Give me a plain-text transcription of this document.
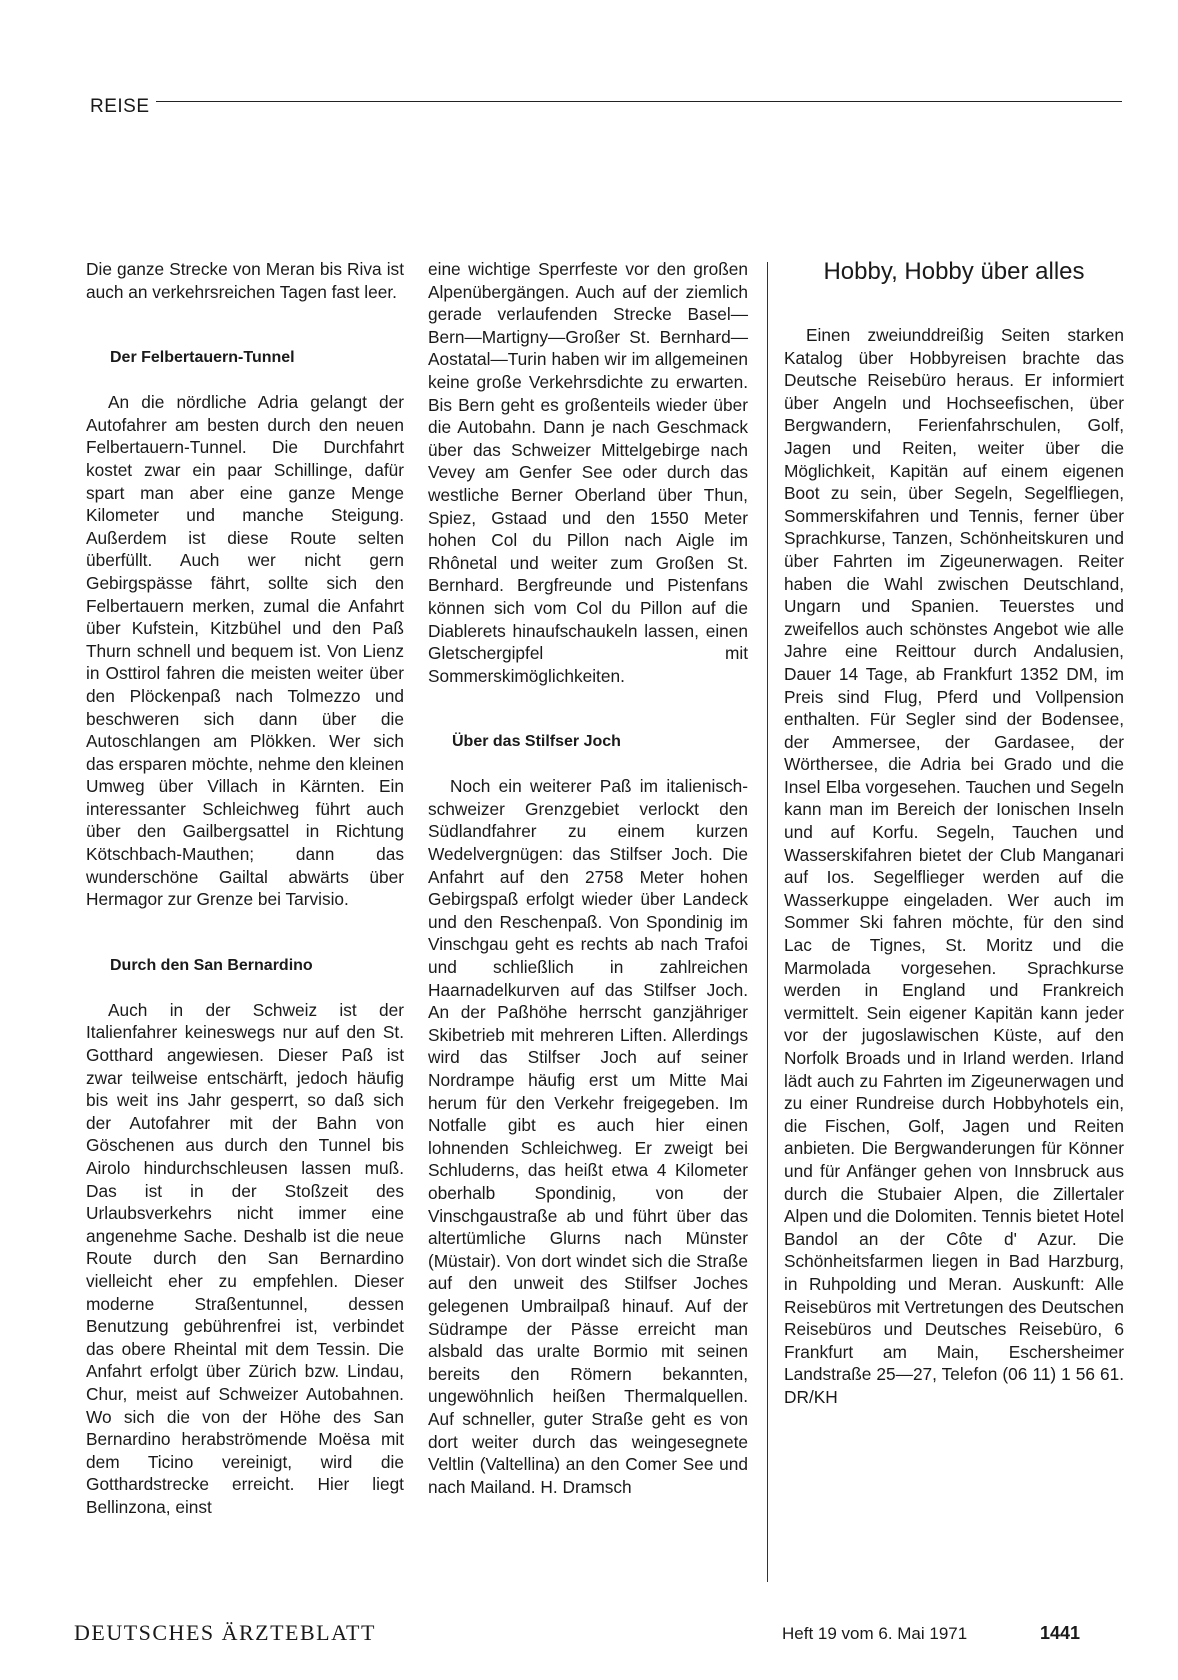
REISE

Die ganze Strecke von Meran bis Riva ist auch an verkehrsreichen Tagen fast leer.

Der Felbertauern-Tunnel

An die nördliche Adria gelangt der Autofahrer am besten durch den neuen Felbertauern-Tunnel. Die Durchfahrt kostet zwar ein paar Schillinge, dafür spart man aber eine ganze Menge Kilometer und manche Steigung. Außerdem ist diese Route selten überfüllt. Auch wer nicht gern Gebirgspässe fährt, sollte sich den Felbertauern merken, zumal die Anfahrt über Kufstein, Kitzbühel und den Paß Thurn schnell und bequem ist. Von Lienz in Osttirol fahren die meisten weiter über den Plöckenpaß nach Tolmezzo und beschweren sich dann über die Autoschlangen am Plökken. Wer sich das ersparen möchte, nehme den kleinen Umweg über Villach in Kärnten. Ein interessanter Schleichweg führt auch über den Gailbergsattel in Richtung Kötschbach-Mauthen; dann das wunderschöne Gailtal abwärts über Hermagor zur Grenze bei Tarvisio.

Durch den San Bernardino

Auch in der Schweiz ist der Italienfahrer keineswegs nur auf den St. Gotthard angewiesen. Dieser Paß ist zwar teilweise entschärft, jedoch häufig bis weit ins Jahr gesperrt, so daß sich der Autofahrer mit der Bahn von Göschenen aus durch den Tunnel bis Airolo hindurchschleusen lassen muß. Das ist in der Stoßzeit des Urlaubsverkehrs nicht immer eine angenehme Sache. Deshalb ist die neue Route durch den San Bernardino vielleicht eher zu empfehlen. Dieser moderne Straßentunnel, dessen Benutzung gebührenfrei ist, verbindet das obere Rheintal mit dem Tessin. Die Anfahrt erfolgt über Zürich bzw. Lindau, Chur, meist auf Schweizer Autobahnen. Wo sich die von der Höhe des San Bernardino herabströmende Moësa mit dem Ticino vereinigt, wird die Gotthardstrecke erreicht. Hier liegt Bellinzona, einst

eine wichtige Sperrfeste vor den großen Alpenübergängen. Auch auf der ziemlich gerade verlaufenden Strecke Basel—Bern—Martigny—Großer St. Bernhard—Aostatal—Turin haben wir im allgemeinen keine große Verkehrsdichte zu erwarten. Bis Bern geht es großenteils wieder über die Autobahn. Dann je nach Geschmack über das Schweizer Mittelgebirge nach Vevey am Genfer See oder durch das westliche Berner Oberland über Thun, Spiez, Gstaad und den 1550 Meter hohen Col du Pillon nach Aigle im Rhônetal und weiter zum Großen St. Bernhard. Bergfreunde und Pistenfans können sich vom Col du Pillon auf die Diablerets hinaufschaukeln lassen, einen Gletschergipfel mit Sommerskimöglichkeiten.

Über das Stilfser Joch

Noch ein weiterer Paß im italienisch-schweizer Grenzgebiet verlockt den Südlandfahrer zu einem kurzen Wedelvergnügen: das Stilfser Joch. Die Anfahrt auf den 2758 Meter hohen Gebirgspaß erfolgt wieder über Landeck und den Reschenpaß. Von Spondinig im Vinschgau geht es rechts ab nach Trafoi und schließlich in zahlreichen Haarnadelkurven auf das Stilfser Joch. An der Paßhöhe herrscht ganzjähriger Skibetrieb mit mehreren Liften. Allerdings wird das Stilfser Joch auf seiner Nordrampe häufig erst um Mitte Mai herum für den Verkehr freigegeben. Im Notfalle gibt es auch hier einen lohnenden Schleichweg. Er zweigt bei Schluderns, das heißt etwa 4 Kilometer oberhalb Spondinig, von der Vinschgaustraße ab und führt über das altertümliche Glurns nach Münster (Müstair). Von dort windet sich die Straße auf den unweit des Stilfser Joches gelegenen Umbrailpaß hinauf. Auf der Südrampe der Pässe erreicht man alsbald das uralte Bormio mit seinen bereits den Römern bekannten, ungewöhnlich heißen Thermalquellen. Auf schneller, guter Straße geht es von dort weiter durch das weingesegnete Veltlin (Valtellina) an den Comer See und nach Mailand. H. Dramsch

Hobby, Hobby über alles

Einen zweiunddreißig Seiten starken Katalog über Hobbyreisen brachte das Deutsche Reisebüro heraus. Er informiert über Angeln und Hochseefischen, über Bergwandern, Ferienfahrschulen, Golf, Jagen und Reiten, weiter über die Möglichkeit, Kapitän auf einem eigenen Boot zu sein, über Segeln, Segelfliegen, Sommerskifahren und Tennis, ferner über Sprachkurse, Tanzen, Schönheitskuren und über Fahrten im Zigeunerwagen. Reiter haben die Wahl zwischen Deutschland, Ungarn und Spanien. Teuerstes und zweifellos auch schönstes Angebot wie alle Jahre eine Reittour durch Andalusien, Dauer 14 Tage, ab Frankfurt 1352 DM, im Preis sind Flug, Pferd und Vollpension enthalten. Für Segler sind der Bodensee, der Ammersee, der Gardasee, der Wörthersee, die Adria bei Grado und die Insel Elba vorgesehen. Tauchen und Segeln kann man im Bereich der Ionischen Inseln und auf Korfu. Segeln, Tauchen und Wasserskifahren bietet der Club Manganari auf Ios. Segelflieger werden auf die Wasserkuppe eingeladen. Wer auch im Sommer Ski fahren möchte, für den sind Lac de Tignes, St. Moritz und die Marmolada vorgesehen. Sprachkurse werden in England und Frankreich vermittelt. Sein eigener Kapitän kann jeder vor der jugoslawischen Küste, auf den Norfolk Broads und in Irland werden. Irland lädt auch zu Fahrten im Zigeunerwagen und zu einer Rundreise durch Hobbyhotels ein, die Fischen, Golf, Jagen und Reiten anbieten. Die Bergwanderungen für Könner und für Anfänger gehen von Innsbruck aus durch die Stubaier Alpen, die Zillertaler Alpen und die Dolomiten. Tennis bietet Hotel Bandol an der Côte d' Azur. Die Schönheitsfarmen liegen in Bad Harzburg, in Ruhpolding und Meran. Auskunft: Alle Reisebüros mit Vertretungen des Deutschen Reisebüros und Deutsches Reisebüro, 6 Frankfurt am Main, Eschersheimer Landstraße 25—27, Telefon (06 11) 1 56 61. DR/KH

DEUTSCHES ÄRZTEBLATT	Heft 19 vom 6. Mai 1971	1441
